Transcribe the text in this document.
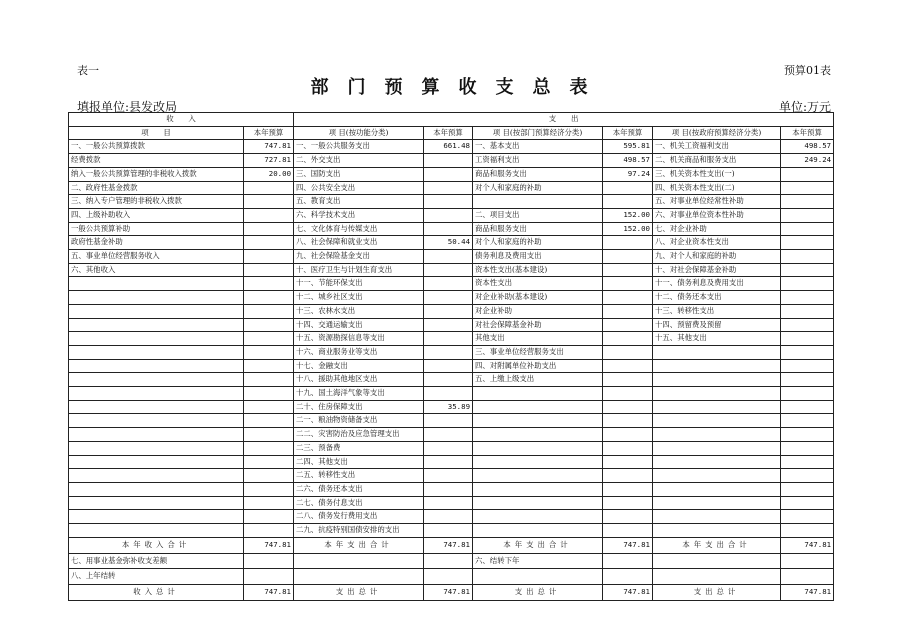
表一	预算01表
部门预算收支总表
填报单位:县发改局	单位:万元
收　　入		支　　出					
项　　目	本年预算	项 目(按功能分类)	本年预算	项 目(按部门预算经济分类)	本年预算	项 目(按政府预算经济分类)	本年预算
一、一般公共预算拨款	747.81	一、一般公共服务支出	661.48	一、基本支出	595.81	一、机关工资福利支出	498.57
经费拨款	727.81	二、外交支出		工资福利支出	498.57	二、机关商品和服务支出	249.24
纳入一般公共预算管理的非税收入拨款	20.00	三、国防支出		商品和服务支出	97.24	三、机关资本性支出(一)	
二、政府性基金拨款		四、公共安全支出		对个人和家庭的补助		四、机关资本性支出(二)	
三、纳入专户管理的非税收入拨款		五、教育支出				五、对事业单位经常性补助	
四、上级补助收入		六、科学技术支出		二、项目支出	152.00	六、对事业单位资本性补助	
一般公共预算补助		七、文化体育与传媒支出		商品和服务支出	152.00	七、对企业补助	
政府性基金补助		八、社会保障和就业支出	50.44	对个人和家庭的补助		八、对企业资本性支出	
五、事业单位经营服务收入		九、社会保险基金支出		债务利息及费用支出		九、对个人和家庭的补助	
六、其他收入		十、医疗卫生与计划生育支出		资本性支出(基本建设)		十、对社会保障基金补助	
		十一、节能环保支出		资本性支出		十一、债务利息及费用支出	
		十二、城乡社区支出		对企业补助(基本建设)		十二、债务还本支出	
		十三、农林水支出		对企业补助		十三、转移性支出	
		十四、交通运输支出		对社会保障基金补助		十四、预留费及预留	
		十五、资源勘探信息等支出		其他支出		十五、其他支出	
		十六、商业服务业等支出		三、事业单位经营服务支出			
		十七、金融支出		四、对附属单位补助支出			
		十八、援助其他地区支出		五、上缴上级支出			
		十九、国土海洋气象等支出					
		二十、住房保障支出	35.89				
		二一、粮油物资储备支出					
		二二、灾害防治及应急管理支出					
		二三、预备费					
		二四、其他支出					
		二五、转移性支出					
		二六、债务还本支出					
		二七、债务付息支出					
		二八、债务发行费用支出					
		二九、抗疫特别国债安排的支出					
本年收入合计	747.81	本年支出合计	747.81	本年支出合计	747.81	本年支出合计	747.81
七、用事业基金弥补收支差额				六、结转下年			
八、上年结转							
收入总计	747.81	支出总计	747.81	支出总计	747.81	支出总计	747.81
